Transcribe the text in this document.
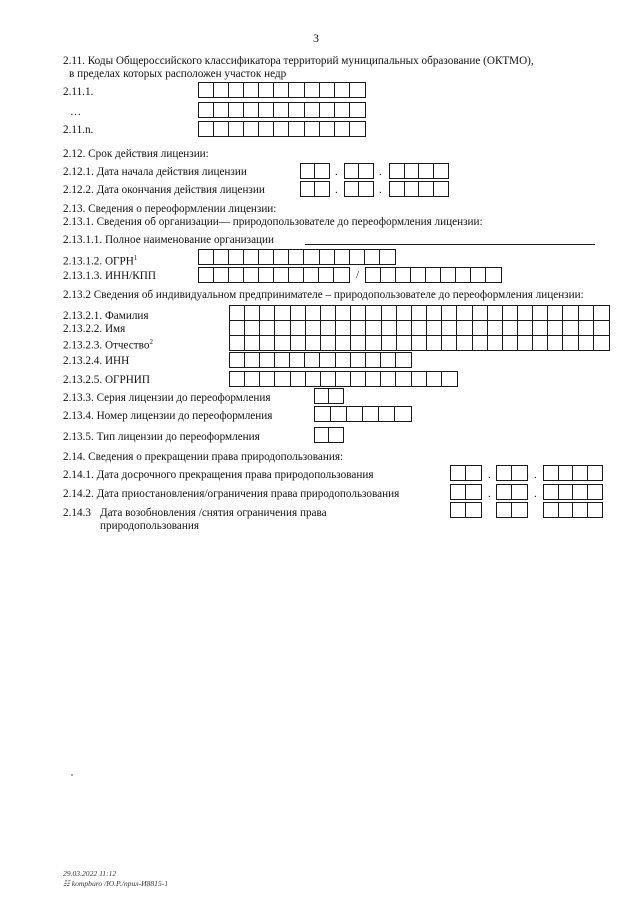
3
2.11. Коды Общероссийского классификатора территорий муниципальных образование (ОКТМО),
в пределах которых расположен участок недр
2.11.1.
…
2.11.n.
2.12. Срок действия лицензии:
2.12.1. Дата начала действия лицензии	.	.
2.12.2. Дата окончания действия лицензии	.	.
2.13. Сведения о переоформлении лицензии:
2.13.1. Сведения об организации— природопользователе до переоформления лицензии:
2.13.1.1. Полное наименование организации
2.13.1.2. ОГРН$^1$
2.13.1.3. ИНН/КПП	/
2.13.2 Сведения об индивидуальном предпринимателе – природопользователе до переоформления лицензии:
2.13.2.1. Фамилия
2.13.2.2. Имя
2.13.2.3. Отчество$^2$
2.13.2.4. ИНН
2.13.2.5. ОГРНИП
2.13.3. Серия лицензии до переоформления
2.13.4. Номер лицензии до переоформления
2.13.5. Тип лицензии до переоформления
2.14. Сведения о прекращении права природопользования:
2.14.1. Дата досрочного прекращения права природопользования	.	.
2.14.2. Дата приостановления/ограничения права природопользования	.	.
2.14.3 Дата возобновления /снятия ограничения права
природопользования
29.03.2022 11:12
☷ kompburo /Ю.Р./прил-И8815-1
